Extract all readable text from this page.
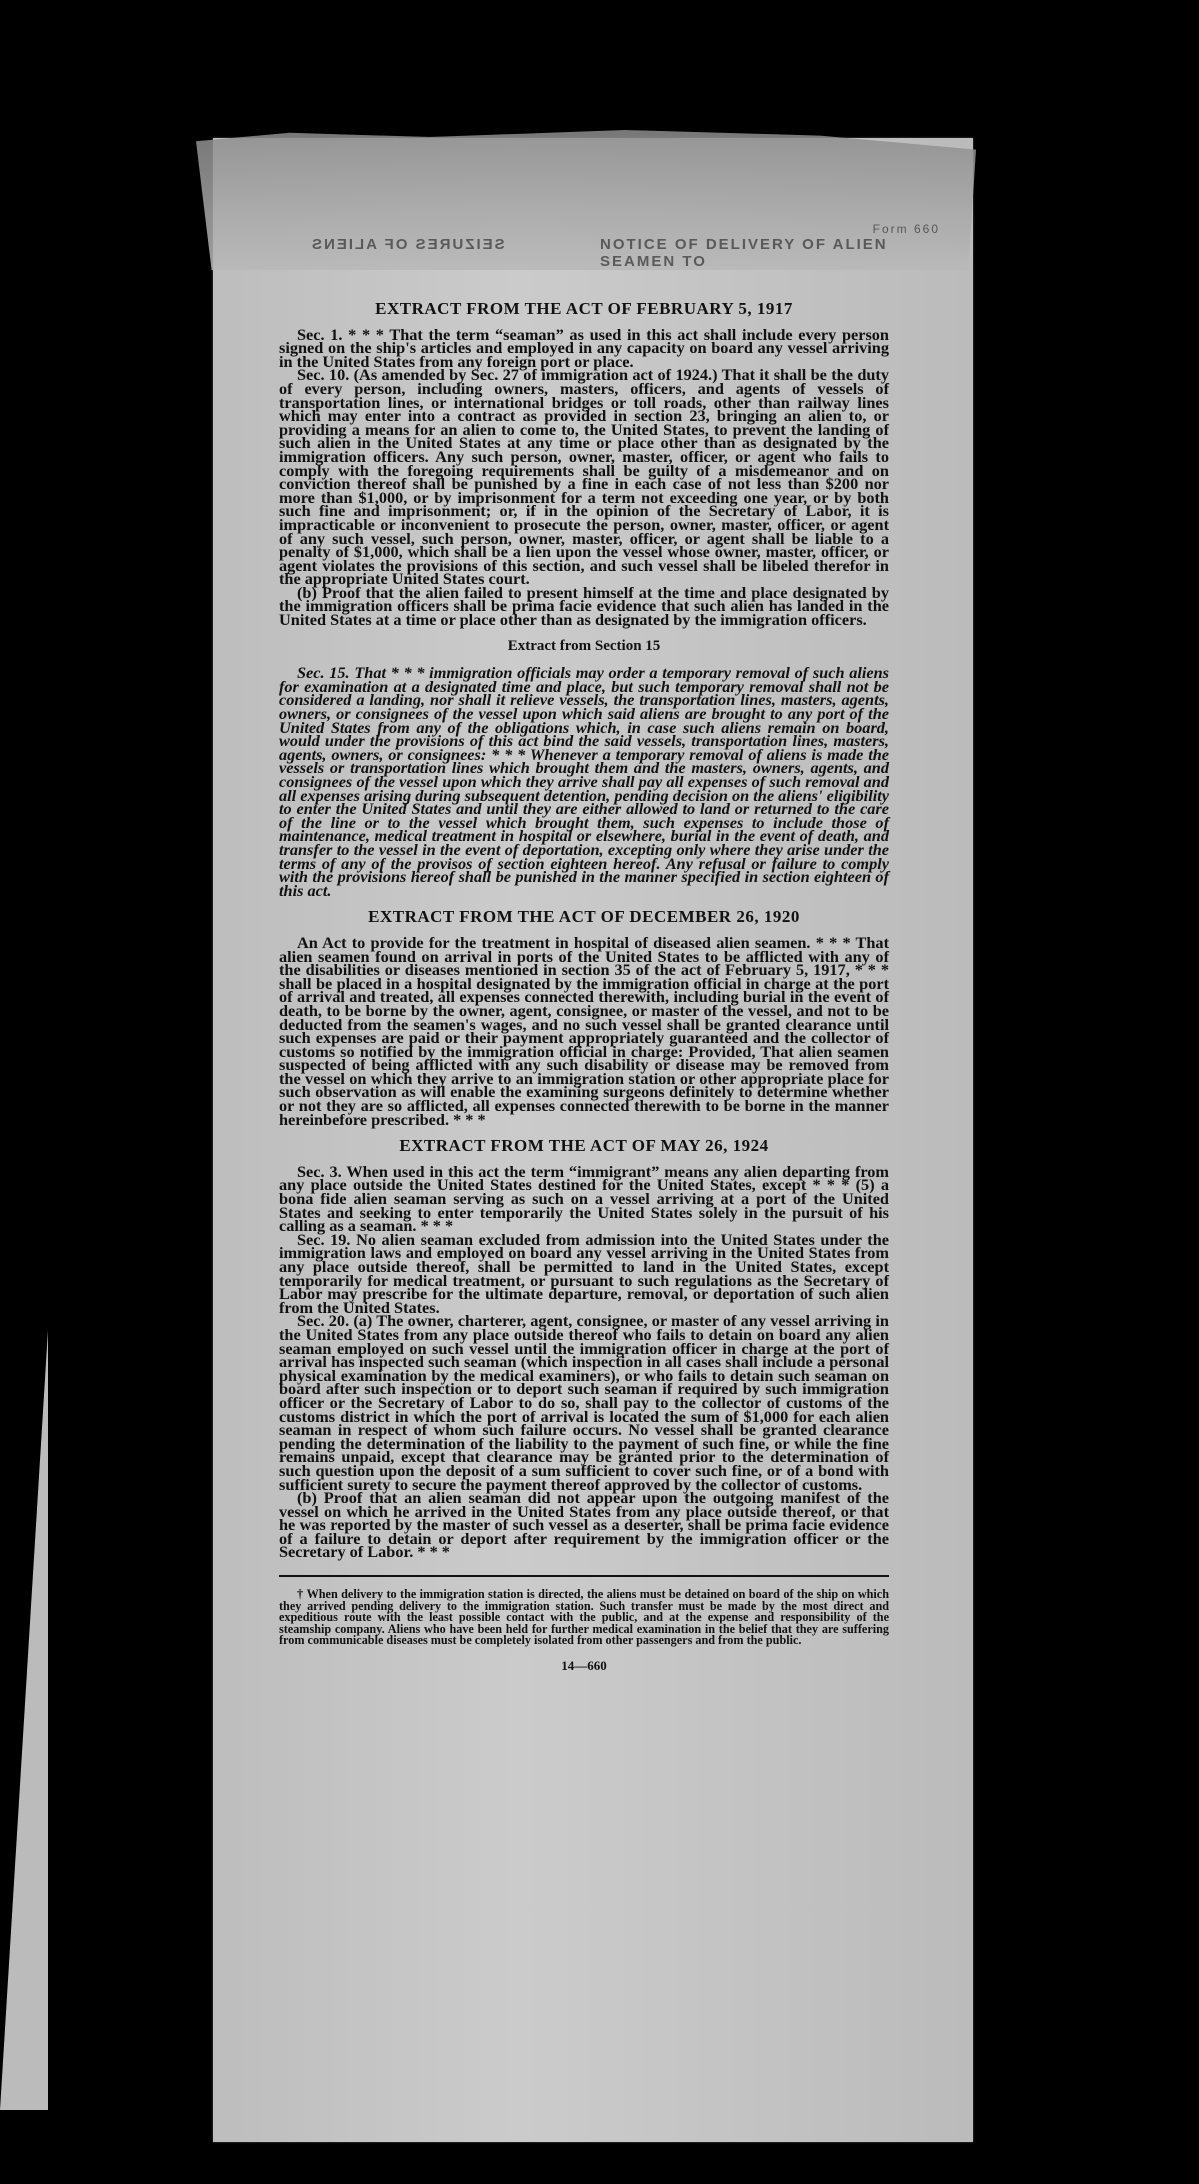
SEIZURES OF ALIENS	NOTICE OF DELIVERY OF ALIEN SEAMEN TO
Form 660
EXTRACT FROM THE ACT OF FEBRUARY 5, 1917

Sec. 1. * * * That the term “seaman” as used in this act shall include every person signed on the ship's articles and employed in any capacity on board any vessel arriving in the United States from any foreign port or place.

Sec. 10. (As amended by Sec. 27 of immigration act of 1924.) That it shall be the duty of every person, including owners, masters, officers, and agents of vessels of transportation lines, or international bridges or toll roads, other than railway lines which may enter into a contract as provided in section 23, bringing an alien to, or providing a means for an alien to come to, the United States, to prevent the landing of such alien in the United States at any time or place other than as designated by the immigration officers. Any such person, owner, master, officer, or agent who fails to comply with the foregoing requirements shall be guilty of a misdemeanor and on conviction thereof shall be punished by a fine in each case of not less than $200 nor more than $1,000, or by imprisonment for a term not exceeding one year, or by both such fine and imprisonment; or, if in the opinion of the Secretary of Labor, it is impracticable or inconvenient to prosecute the person, owner, master, officer, or agent of any such vessel, such person, owner, master, officer, or agent shall be liable to a penalty of $1,000, which shall be a lien upon the vessel whose owner, master, officer, or agent violates the provisions of this section, and such vessel shall be libeled therefor in the appropriate United States court.

(b) Proof that the alien failed to present himself at the time and place designated by the immigration officers shall be prima facie evidence that such alien has landed in the United States at a time or place other than as designated by the immigration officers.

Extract from Section 15

Sec. 15. That * * * immigration officials may order a temporary removal of such aliens for examination at a designated time and place, but such temporary removal shall not be considered a landing, nor shall it relieve vessels, the transportation lines, masters, agents, owners, or consignees of the vessel upon which said aliens are brought to any port of the United States from any of the obligations which, in case such aliens remain on board, would under the provisions of this act bind the said vessels, transportation lines, masters, agents, owners, or consignees: * * * Whenever a temporary removal of aliens is made the vessels or transportation lines which brought them and the masters, owners, agents, and consignees of the vessel upon which they arrive shall pay all expenses of such removal and all expenses arising during subsequent detention, pending decision on the aliens' eligibility to enter the United States and until they are either allowed to land or returned to the care of the line or to the vessel which brought them, such expenses to include those of maintenance, medical treatment in hospital or elsewhere, burial in the event of death, and transfer to the vessel in the event of deportation, excepting only where they arise under the terms of any of the provisos of section eighteen hereof. Any refusal or failure to comply with the provisions hereof shall be punished in the manner specified in section eighteen of this act.

EXTRACT FROM THE ACT OF DECEMBER 26, 1920

An Act to provide for the treatment in hospital of diseased alien seamen. * * * That alien seamen found on arrival in ports of the United States to be afflicted with any of the disabilities or diseases mentioned in section 35 of the act of February 5, 1917, * * * shall be placed in a hospital designated by the immigration official in charge at the port of arrival and treated, all expenses connected therewith, including burial in the event of death, to be borne by the owner, agent, consignee, or master of the vessel, and not to be deducted from the seamen's wages, and no such vessel shall be granted clearance until such expenses are paid or their payment appropriately guaranteed and the collector of customs so notified by the immigration official in charge: Provided, That alien seamen suspected of being afflicted with any such disability or disease may be removed from the vessel on which they arrive to an immigration station or other appropriate place for such observation as will enable the examining surgeons definitely to determine whether or not they are so afflicted, all expenses connected therewith to be borne in the manner hereinbefore prescribed. * * *

EXTRACT FROM THE ACT OF MAY 26, 1924

Sec. 3. When used in this act the term “immigrant” means any alien departing from any place outside the United States destined for the United States, except * * * (5) a bona fide alien seaman serving as such on a vessel arriving at a port of the United States and seeking to enter temporarily the United States solely in the pursuit of his calling as a seaman. * * *

Sec. 19. No alien seaman excluded from admission into the United States under the immigration laws and employed on board any vessel arriving in the United States from any place outside thereof, shall be permitted to land in the United States, except temporarily for medical treatment, or pursuant to such regulations as the Secretary of Labor may prescribe for the ultimate departure, removal, or deportation of such alien from the United States.

Sec. 20. (a) The owner, charterer, agent, consignee, or master of any vessel arriving in the United States from any place outside thereof who fails to detain on board any alien seaman employed on such vessel until the immigration officer in charge at the port of arrival has inspected such seaman (which inspection in all cases shall include a personal physical examination by the medical examiners), or who fails to detain such seaman on board after such inspection or to deport such seaman if required by such immigration officer or the Secretary of Labor to do so, shall pay to the collector of customs of the customs district in which the port of arrival is located the sum of $1,000 for each alien seaman in respect of whom such failure occurs. No vessel shall be granted clearance pending the determination of the liability to the payment of such fine, or while the fine remains unpaid, except that clearance may be granted prior to the determination of such question upon the deposit of a sum sufficient to cover such fine, or of a bond with sufficient surety to secure the payment thereof approved by the collector of customs.

(b) Proof that an alien seaman did not appear upon the outgoing manifest of the vessel on which he arrived in the United States from any place outside thereof, or that he was reported by the master of such vessel as a deserter, shall be prima facie evidence of a failure to detain or deport after requirement by the immigration officer or the Secretary of Labor. * * *

† When delivery to the immigration station is directed, the aliens must be detained on board of the ship on which they arrived pending delivery to the immigration station. Such transfer must be made by the most direct and expeditious route with the least possible contact with the public, and at the expense and responsibility of the steamship company. Aliens who have been held for further medical examination in the belief that they are suffering from communicable diseases must be completely isolated from other passengers and from the public.

14—660
